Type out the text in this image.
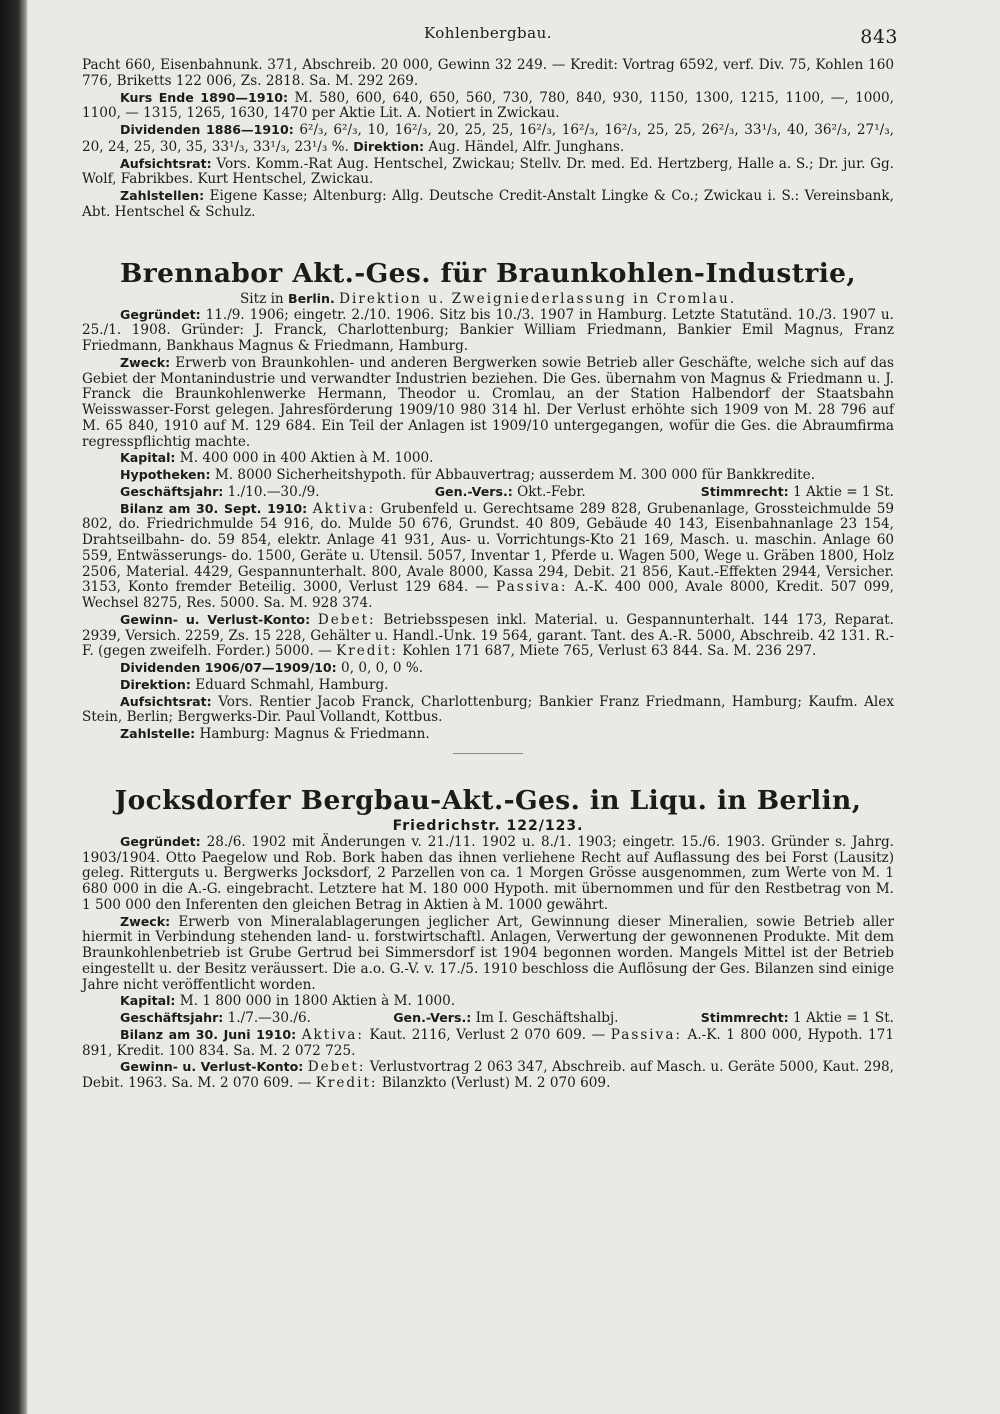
Kohlenbergbau.	843

Pacht 660, Eisenbahnunk. 371, Abschreib. 20 000, Gewinn 32 249. — Kredit: Vortrag 6592, verf. Div. 75, Kohlen 160 776, Briketts 122 006, Zs. 2818. Sa. M. 292 269.

Kurs Ende 1890—1910: M. 580, 600, 640, 650, 560, 730, 780, 840, 930, 1150, 1300, 1215, 1100, —, 1000, 1100, — 1315, 1265, 1630, 1470 per Aktie Lit. A. Notiert in Zwickau.

Dividenden 1886—1910: 6²/₃, 6²/₃, 10, 16²/₃, 20, 25, 25, 16²/₃, 16²/₃, 16²/₃, 25, 25, 26²/₃, 33¹/₃, 40, 36²/₃, 27¹/₃, 20, 24, 25, 30, 35, 33¹/₃, 33¹/₃, 23¹/₃ %. Direktion: Aug. Händel, Alfr. Junghans.

Aufsichtsrat: Vors. Komm.-Rat Aug. Hentschel, Zwickau; Stellv. Dr. med. Ed. Hertzberg, Halle a. S.; Dr. jur. Gg. Wolf, Fabrikbes. Kurt Hentschel, Zwickau.

Zahlstellen: Eigene Kasse; Altenburg: Allg. Deutsche Credit-Anstalt Lingke & Co.; Zwickau i. S.: Vereinsbank, Abt. Hentschel & Schulz.

Brennabor Akt.-Ges. für Braunkohlen-Industrie,
Sitz in Berlin. Direktion u. Zweigniederlassung in Cromlau.

Gegründet: 11./9. 1906; eingetr. 2./10. 1906. Sitz bis 10./3. 1907 in Hamburg. Letzte Statutänd. 10./3. 1907 u. 25./1. 1908. Gründer: J. Franck, Charlottenburg; Bankier William Friedmann, Bankier Emil Magnus, Franz Friedmann, Bankhaus Magnus & Friedmann, Hamburg.

Zweck: Erwerb von Braunkohlen- und anderen Bergwerken sowie Betrieb aller Geschäfte, welche sich auf das Gebiet der Montanindustrie und verwandter Industrien beziehen. Die Ges. übernahm von Magnus & Friedmann u. J. Franck die Braunkohlenwerke Hermann, Theodor u. Cromlau, an der Station Halbendorf der Staatsbahn Weisswasser-Forst gelegen. Jahresförderung 1909/10 980 314 hl. Der Verlust erhöhte sich 1909 von M. 28 796 auf M. 65 840, 1910 auf M. 129 684. Ein Teil der Anlagen ist 1909/10 untergegangen, wofür die Ges. die Abraumfirma regresspflichtig machte.

Kapital: M. 400 000 in 400 Aktien à M. 1000.

Hypotheken: M. 8000 Sicherheitshypoth. für Abbauvertrag; ausserdem M. 300 000 für Bankkredite.

Geschäftsjahr: 1./10.—30./9.	Gen.-Vers.: Okt.-Febr.	Stimmrecht: 1 Aktie = 1 St.

Bilanz am 30. Sept. 1910: Aktiva: Grubenfeld u. Gerechtsame 289 828, Grubenanlage, Grossteichmulde 59 802, do. Friedrichmulde 54 916, do. Mulde 50 676, Grundst. 40 809, Gebäude 40 143, Eisenbahnanlage 23 154, Drahtseilbahn- do. 59 854, elektr. Anlage 41 931, Aus- u. Vorrichtungs-Kto 21 169, Masch. u. maschin. Anlage 60 559, Entwässerungs- do. 1500, Geräte u. Utensil. 5057, Inventar 1, Pferde u. Wagen 500, Wege u. Gräben 1800, Holz 2506, Material. 4429, Gespannunterhalt. 800, Avale 8000, Kassa 294, Debit. 21 856, Kaut.-Effekten 2944, Versicher. 3153, Konto fremder Beteilig. 3000, Verlust 129 684. — Passiva: A.-K. 400 000, Avale 8000, Kredit. 507 099, Wechsel 8275, Res. 5000. Sa. M. 928 374.

Gewinn- u. Verlust-Konto: Debet: Betriebsspesen inkl. Material. u. Gespannunterhalt. 144 173, Reparat. 2939, Versich. 2259, Zs. 15 228, Gehälter u. Handl.-Unk. 19 564, garant. Tant. des A.-R. 5000, Abschreib. 42 131. R.-F. (gegen zweifelh. Forder.) 5000. — Kredit: Kohlen 171 687, Miete 765, Verlust 63 844. Sa. M. 236 297.

Dividenden 1906/07—1909/10: 0, 0, 0, 0 %.

Direktion: Eduard Schmahl, Hamburg.

Aufsichtsrat: Vors. Rentier Jacob Franck, Charlottenburg; Bankier Franz Friedmann, Hamburg; Kaufm. Alex Stein, Berlin; Bergwerks-Dir. Paul Vollandt, Kottbus.

Zahlstelle: Hamburg: Magnus & Friedmann.

Jocksdorfer Bergbau-Akt.-Ges. in Liqu. in Berlin,
Friedrichstr. 122/123.

Gegründet: 28./6. 1902 mit Änderungen v. 21./11. 1902 u. 8./1. 1903; eingetr. 15./6. 1903. Gründer s. Jahrg. 1903/1904. Otto Paegelow und Rob. Bork haben das ihnen verliehene Recht auf Auflassung des bei Forst (Lausitz) geleg. Ritterguts u. Bergwerks Jocksdorf, 2 Parzellen von ca. 1 Morgen Grösse ausgenommen, zum Werte von M. 1 680 000 in die A.-G. eingebracht. Letztere hat M. 180 000 Hypoth. mit übernommen und für den Restbetrag von M. 1 500 000 den Inferenten den gleichen Betrag in Aktien à M. 1000 gewährt.

Zweck: Erwerb von Mineralablagerungen jeglicher Art, Gewinnung dieser Mineralien, sowie Betrieb aller hiermit in Verbindung stehenden land- u. forstwirtschaftl. Anlagen, Verwertung der gewonnenen Produkte. Mit dem Braunkohlenbetrieb ist Grube Gertrud bei Simmersdorf ist 1904 begonnen worden. Mangels Mittel ist der Betrieb eingestellt u. der Besitz veräussert. Die a.o. G.-V. v. 17./5. 1910 beschloss die Auflösung der Ges. Bilanzen sind einige Jahre nicht veröffentlicht worden.

Kapital: M. 1 800 000 in 1800 Aktien à M. 1000.

Geschäftsjahr: 1./7.—30./6.	Gen.-Vers.: Im I. Geschäftshalbj.	Stimmrecht: 1 Aktie = 1 St.

Bilanz am 30. Juni 1910: Aktiva: Kaut. 2116, Verlust 2 070 609. — Passiva: A.-K. 1 800 000, Hypoth. 171 891, Kredit. 100 834. Sa. M. 2 072 725.

Gewinn- u. Verlust-Konto: Debet: Verlustvortrag 2 063 347, Abschreib. auf Masch. u. Geräte 5000, Kaut. 298, Debit. 1963. Sa. M. 2 070 609. — Kredit: Bilanzkto (Verlust) M. 2 070 609.
